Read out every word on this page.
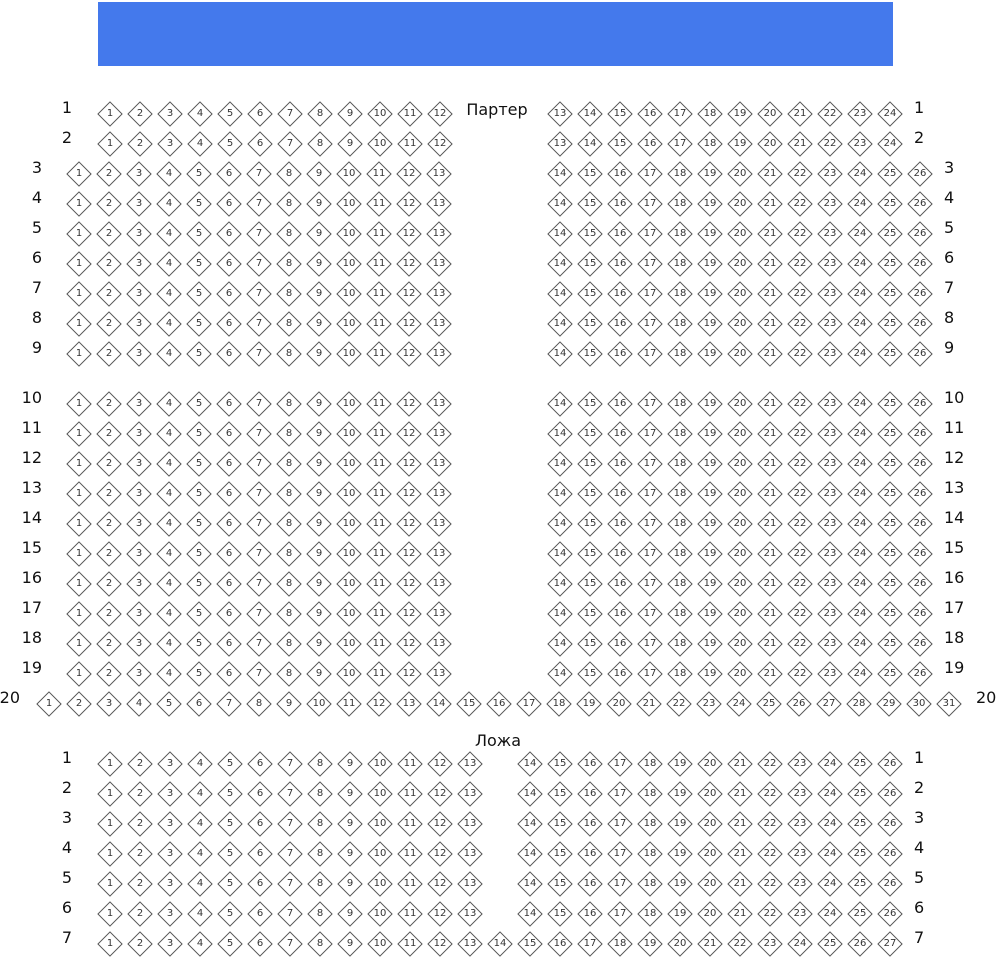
Партер
Ложа
1	1
1	2	3	4	5	6	7	8	9	10 11 12	13 14 15 16 17 18 19 20 21 22 23 24
2	2
1	2	3	4	5	6	7	8	9	10 11 12	13 14 15 16 17 18 19 20 21 22 23 24
3	3
1	2	3	4	5	6	7	8	9	10 11 12 13	14 15 16 17 18 19 20 21 22 23 24 25 26
4	4
1	2	3	4	5	6	7	8	9	10 11 12 13	14 15 16 17 18 19 20 21 22 23 24 25 26
5	5
1	2	3	4	5	6	7	8	9	10 11 12 13	14 15 16 17 18 19 20 21 22 23 24 25 26
6	6
1	2	3	4	5	6	7	8	9	10 11 12 13	14 15 16 17 18 19 20 21 22 23 24 25 26
7	7
1	2	3	4	5	6	7	8	9	10 11 12 13	14 15 16 17 18 19 20 21 22 23 24 25 26
8	8
1	2	3	4	5	6	7	8	9	10 11 12 13	14 15 16 17 18 19 20 21 22 23 24 25 26
9	9
1	2	3	4	5	6	7	8	9	10 11 12 13	14 15 16 17 18 19 20 21 22 23 24 25 26
10	10
1	2	3	4	5	6	7	8	9	10 11 12 13	14 15 16 17 18 19 20 21 22 23 24 25 26
11	11
1	2	3	4	5	6	7	8	9	10 11 12 13	14 15 16 17 18 19 20 21 22 23 24 25 26
12	12
1	2	3	4	5	6	7	8	9	10 11 12 13	14 15 16 17 18 19 20 21 22 23 24 25 26
13	13
1	2	3	4	5	6	7	8	9	10 11 12 13	14 15 16 17 18 19 20 21 22 23 24 25 26
14	14
1	2	3	4	5	6	7	8	9	10 11 12 13	14 15 16 17 18 19 20 21 22 23 24 25 26
15	15
1	2	3	4	5	6	7	8	9	10 11 12 13	14 15 16 17 18 19 20 21 22 23 24 25 26
16	16
1	2	3	4	5	6	7	8	9	10 11 12 13	14 15 16 17 18 19 20 21 22 23 24 25 26
17	17
1	2	3	4	5	6	7	8	9	10 11 12 13	14 15 16 17 18 19 20 21 22 23 24 25 26
18	18
1	2	3	4	5	6	7	8	9	10 11 12 13	14 15 16 17 18 19 20 21 22 23 24 25 26
19	19
1	2	3	4	5	6	7	8	9	10 11 12 13	14 15 16 17 18 19 20 21 22 23 24 25 26
20	20
1	2	3	4	5	6	7	8	9	10 11 12 13 14 15 16 17 18 19 20 21 22 23 24 25 26 27 28 29 30 31
1	1
1	2	3	4	5	6	7	8	9	10 11 12 13	14 15 16 17 18 19 20 21 22 23 24 25 26
2	2
1	2	3	4	5	6	7	8	9	10 11 12 13	14 15 16 17 18 19 20 21 22 23 24 25 26
3	3
1	2	3	4	5	6	7	8	9	10 11 12 13	14 15 16 17 18 19 20 21 22 23 24 25 26
4	4
1	2	3	4	5	6	7	8	9	10 11 12 13	14 15 16 17 18 19 20 21 22 23 24 25 26
5	5
1	2	3	4	5	6	7	8	9	10 11 12 13	14 15 16 17 18 19 20 21 22 23 24 25 26
6	6
1	2	3	4	5	6	7	8	9	10 11 12 13	14 15 16 17 18 19 20 21 22 23 24 25 26
7	7
1	2	3	4	5	6	7	8	9	10 11 12 13 14 15 16 17 18 19 20 21 22 23 24 25 26 27
